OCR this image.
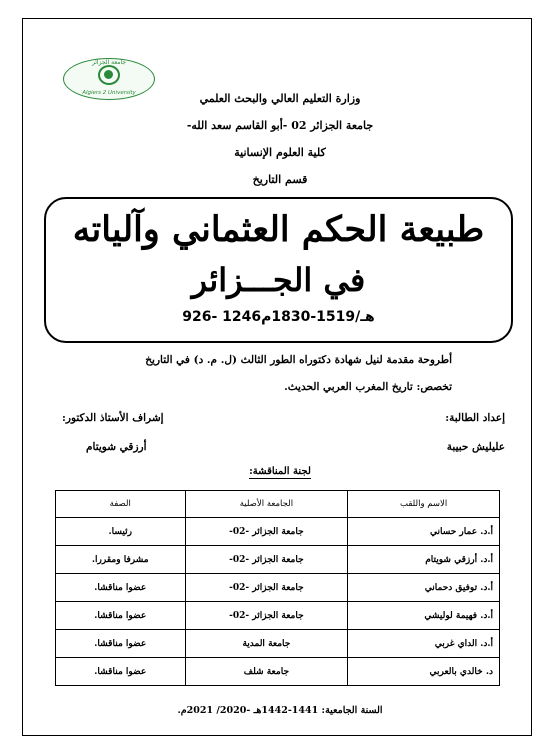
جامعة الجزائر
Algiers 2 University	وزارة التعليم العالي والبحث العلمي
جامعة الجزائر 02 -أبو القاسم سعد الله-
كلية العلوم الإنسانية
قسم التاريخ
طبيعة الحكم العثماني وآلياته
في الجـــزائر
926- 1246هـ/1519-1830م
أطروحة مقدمة لنيل شهادة دكتوراه الطور الثالث (ل. م. د) في التاريخ
تخصص: تاريخ المغرب العربي الحديث.
إعداد الطالبة:
عليليش حبيبة
إشراف الأستاذ الدكتور:
أرزقي شويتام
لجنة المناقشة:
الاسم واللقب	الجامعة الأصلية	الصفة
أ.د. عمار حساني	جامعة الجزائر -02-	رئيسا.
أ.د. أرزقي شويتام	جامعة الجزائر -02-	مشرفا ومقررا.
أ.د. توفيق دحماني	جامعة الجزائر -02-	عضوا مناقشا.
أ.د. فهيمة لوليشي	جامعة الجزائر -02-	عضوا مناقشا.
أ.د. الداي غربي	جامعة المدية	عضوا مناقشا.
د. خالدي بالعربي	جامعة شلف	عضوا مناقشا.
السنة الجامعية: 1441-1442هـ -2020/ 2021م.
